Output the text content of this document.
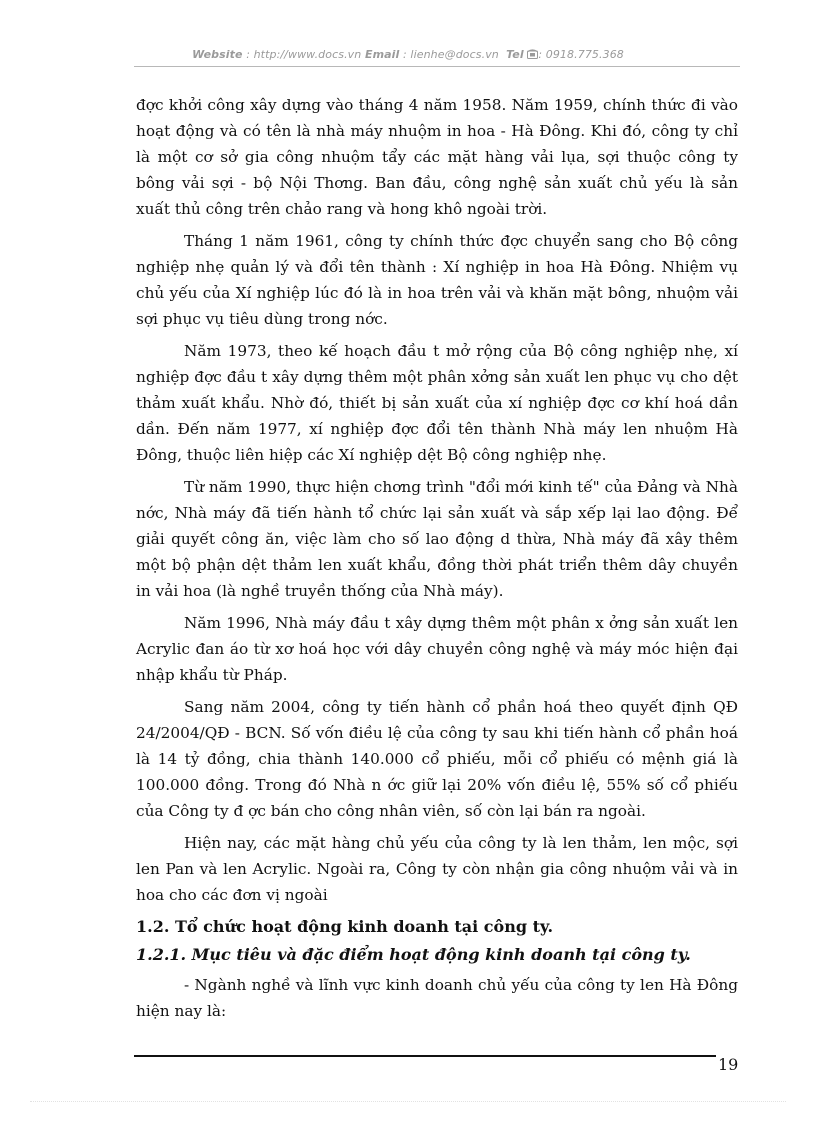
Website : http://www.docs.vn Email : lienhe@docs.vn Tel : 0918.775.368

đợc khởi công xây dựng vào tháng 4 năm 1958. Năm 1959, chính thức đi vào hoạt động và có tên là nhà máy nhuộm in hoa - Hà Đông. Khi đó, công ty chỉ là một cơ sở gia công nhuộm tẩy các mặt hàng vải lụa, sợi thuộc công ty bông vải sợi - bộ Nội Thơng. Ban đầu, công nghệ sản xuất chủ yếu là sản xuất thủ công trên chảo rang và hong khô ngoài trời.

Tháng 1 năm 1961, công ty chính thức đợc chuyển sang cho Bộ công nghiệp nhẹ quản lý và đổi tên thành : Xí nghiệp in hoa Hà Đông. Nhiệm vụ chủ yếu của Xí nghiệp lúc đó là in hoa trên vải và khăn mặt bông, nhuộm vải sợi phục vụ tiêu dùng trong nớc.

Năm 1973, theo kế hoạch đầu t mở rộng của Bộ công nghiệp nhẹ, xí nghiệp đợc đầu t xây dựng thêm một phân xởng sản xuất len phục vụ cho dệt thảm xuất khẩu. Nhờ đó, thiết bị sản xuất của xí nghiệp đợc cơ khí hoá dần dần. Đến năm 1977, xí nghiệp đợc đổi tên thành Nhà máy len nhuộm Hà Đông, thuộc liên hiệp các Xí nghiệp dệt Bộ công nghiệp nhẹ.

Từ năm 1990, thực hiện chơng trình "đổi mới kinh tế" của Đảng và Nhà nớc, Nhà máy đã tiến hành tổ chức lại sản xuất và sắp xếp lại lao động. Để giải quyết công ăn, việc làm cho số lao động d thừa, Nhà máy đã xây thêm một bộ phận dệt thảm len xuất khẩu, đồng thời phát triển thêm dây chuyền in vải hoa (là nghề truyền thống của Nhà máy).

Năm 1996, Nhà máy đầu t xây dựng thêm một phân x ởng sản xuất len Acrylic đan áo từ xơ hoá học với dây chuyền công nghệ và máy móc hiện đại nhập khẩu từ Pháp.

Sang năm 2004, công ty tiến hành cổ phần hoá theo quyết định QĐ 24/2004/QĐ - BCN. Số vốn điều lệ của công ty sau khi tiến hành cổ phần hoá là 14 tỷ đồng, chia thành 140.000 cổ phiếu, mỗi cổ phiếu có mệnh giá là 100.000 đồng. Trong đó Nhà n ớc giữ lại 20% vốn điều lệ, 55% số cổ phiếu của Công ty đ ợc bán cho công nhân viên, số còn lại bán ra ngoài.

Hiện nay, các mặt hàng chủ yếu của công ty là len thảm, len mộc, sợi len Pan và len Acrylic. Ngoài ra, Công ty còn nhận gia công nhuộm vải và in hoa cho các đơn vị ngoài

1.2. Tổ chức hoạt động kinh doanh tại công ty.
1.2.1. Mục tiêu và đặc điểm hoạt động kinh doanh tại công ty.

- Ngành nghề và lĩnh vực kinh doanh chủ yếu của công ty len Hà Đông hiện nay là:

19
